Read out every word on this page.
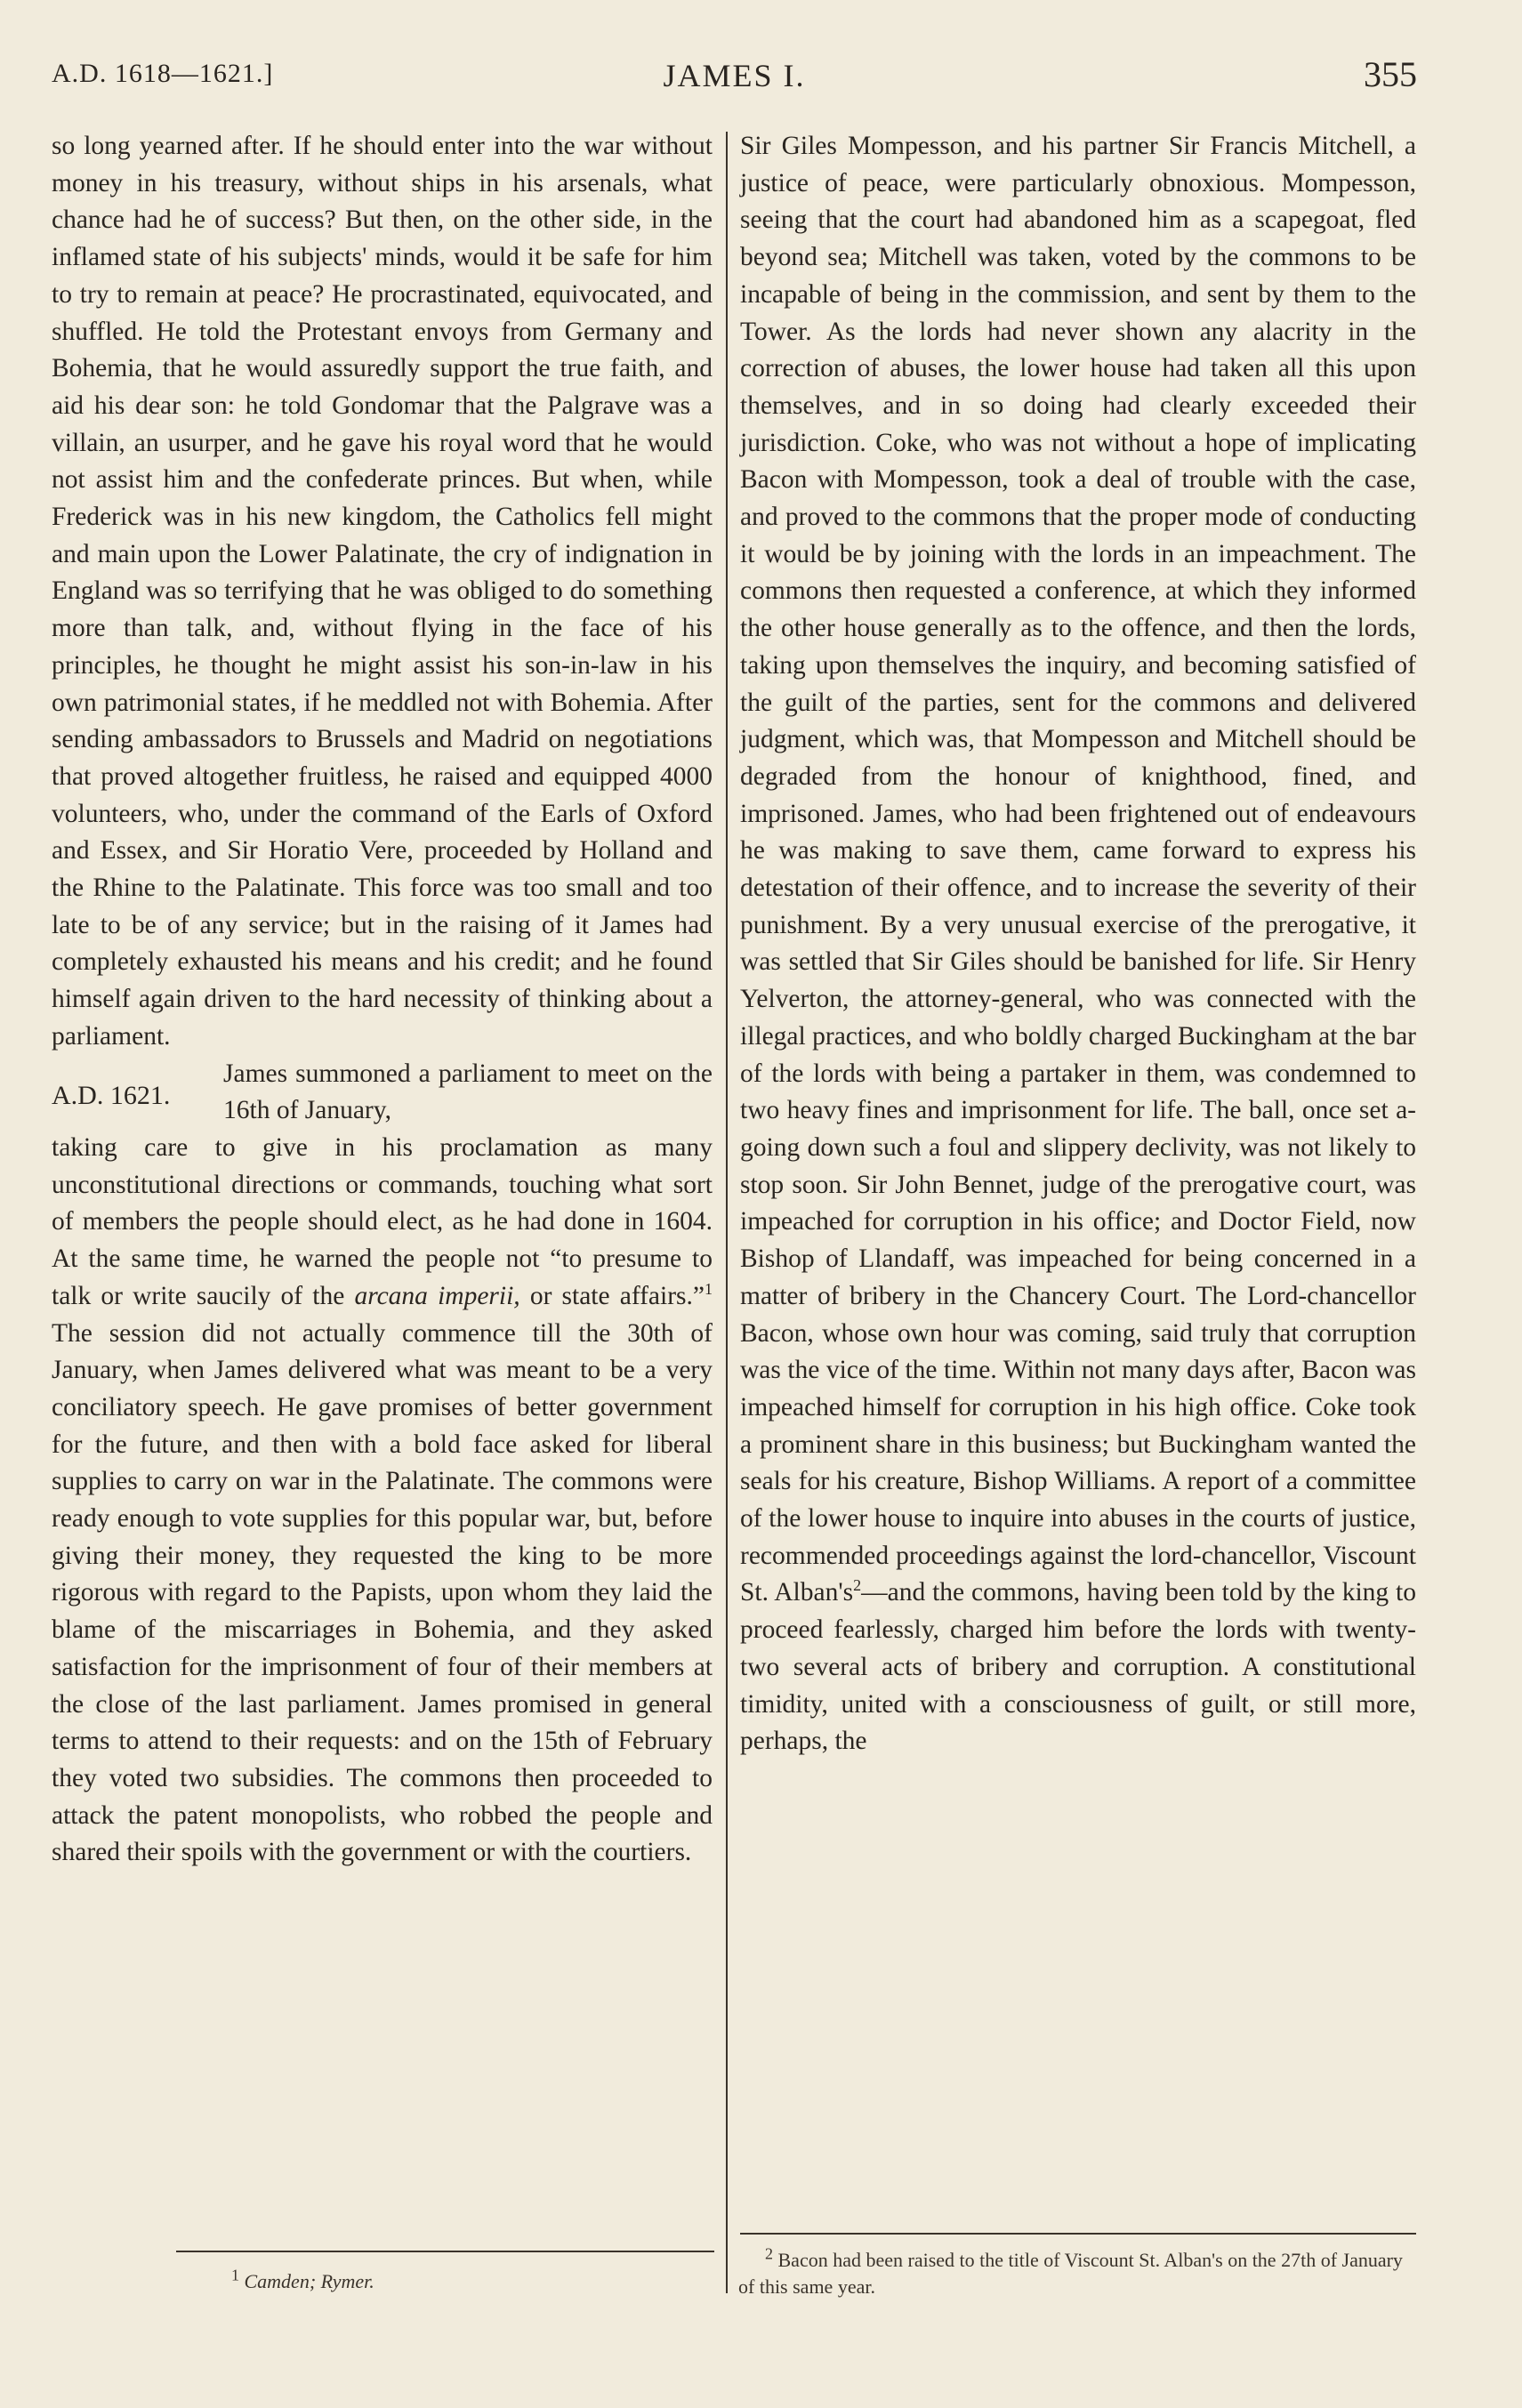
A.D. 1618—1621.]	JAMES I.	355

so long yearned after. If he should enter into the war without money in his treasury, without ships in his arsenals, what chance had he of success? But then, on the other side, in the inflamed state of his subjects' minds, would it be safe for him to try to remain at peace? He procrastinated, equivocated, and shuffled. He told the Protestant envoys from Germany and Bohemia, that he would assuredly support the true faith, and aid his dear son: he told Gondomar that the Palgrave was a villain, an usurper, and he gave his royal word that he would not assist him and the confederate princes. But when, while Frederick was in his new kingdom, the Catholics fell might and main upon the Lower Palatinate, the cry of indignation in England was so terrifying that he was obliged to do something more than talk, and, without flying in the face of his principles, he thought he might assist his son-in-law in his own patrimonial states, if he meddled not with Bohemia. After sending ambassadors to Brussels and Madrid on negotiations that proved altogether fruitless, he raised and equipped 4000 volunteers, who, under the command of the Earls of Oxford and Essex, and Sir Horatio Vere, proceeded by Holland and the Rhine to the Palatinate. This force was too small and too late to be of any service; but in the raising of it James had completely exhausted his means and his credit; and he found himself again driven to the hard necessity of thinking about a parliament.

A.D. 1621.
James summoned a parliament to meet on the 16th of January,

taking care to give in his proclamation as many unconstitutional directions or commands, touching what sort of members the people should elect, as he had done in 1604. At the same time, he warned the people not “to presume to talk or write saucily of the arcana imperii, or state affairs.”$^1$ The session did not actually commence till the 30th of January, when James delivered what was meant to be a very conciliatory speech. He gave promises of better government for the future, and then with a bold face asked for liberal supplies to carry on war in the Palatinate. The commons were ready enough to vote supplies for this popular war, but, before giving their money, they requested the king to be more rigorous with regard to the Papists, upon whom they laid the blame of the miscarriages in Bohemia, and they asked satisfaction for the imprisonment of four of their members at the close of the last parliament. James promised in general terms to attend to their requests: and on the 15th of February they voted two subsidies. The commons then proceeded to attack the patent monopolists, who robbed the people and shared their spoils with the government or with the courtiers.

Sir Giles Mompesson, and his partner Sir Francis Mitchell, a justice of peace, were particularly obnoxious. Mompesson, seeing that the court had abandoned him as a scapegoat, fled beyond sea; Mitchell was taken, voted by the commons to be incapable of being in the commission, and sent by them to the Tower. As the lords had never shown any alacrity in the correction of abuses, the lower house had taken all this upon themselves, and in so doing had clearly exceeded their jurisdiction. Coke, who was not without a hope of implicating Bacon with Mompesson, took a deal of trouble with the case, and proved to the commons that the proper mode of conducting it would be by joining with the lords in an impeachment. The commons then requested a conference, at which they informed the other house generally as to the offence, and then the lords, taking upon themselves the inquiry, and becoming satisfied of the guilt of the parties, sent for the commons and delivered judgment, which was, that Mompesson and Mitchell should be degraded from the honour of knighthood, fined, and imprisoned. James, who had been frightened out of endeavours he was making to save them, came forward to express his detestation of their offence, and to increase the severity of their punishment. By a very unusual exercise of the prerogative, it was settled that Sir Giles should be banished for life. Sir Henry Yelverton, the attorney-general, who was connected with the illegal practices, and who boldly charged Buckingham at the bar of the lords with being a partaker in them, was condemned to two heavy fines and imprisonment for life. The ball, once set a-going down such a foul and slippery declivity, was not likely to stop soon. Sir John Bennet, judge of the prerogative court, was impeached for corruption in his office; and Doctor Field, now Bishop of Llandaff, was impeached for being concerned in a matter of bribery in the Chancery Court. The Lord-chancellor Bacon, whose own hour was coming, said truly that corruption was the vice of the time. Within not many days after, Bacon was impeached himself for corruption in his high office. Coke took a prominent share in this business; but Buckingham wanted the seals for his creature, Bishop Williams. A report of a committee of the lower house to inquire into abuses in the courts of justice, recommended proceedings against the lord-chancellor, Viscount St. $Alban's^2—and$ the commons, having been told by the king to proceed fearlessly, charged him before the lords with twenty-two several acts of bribery and corruption. A constitutional timidity, united with a consciousness of guilt, or still more, perhaps, the

$^1$ Camden; Rymer.
$^2$ Bacon had been raised to the title of Viscount St. Alban's on the 27th of January of this same year.
